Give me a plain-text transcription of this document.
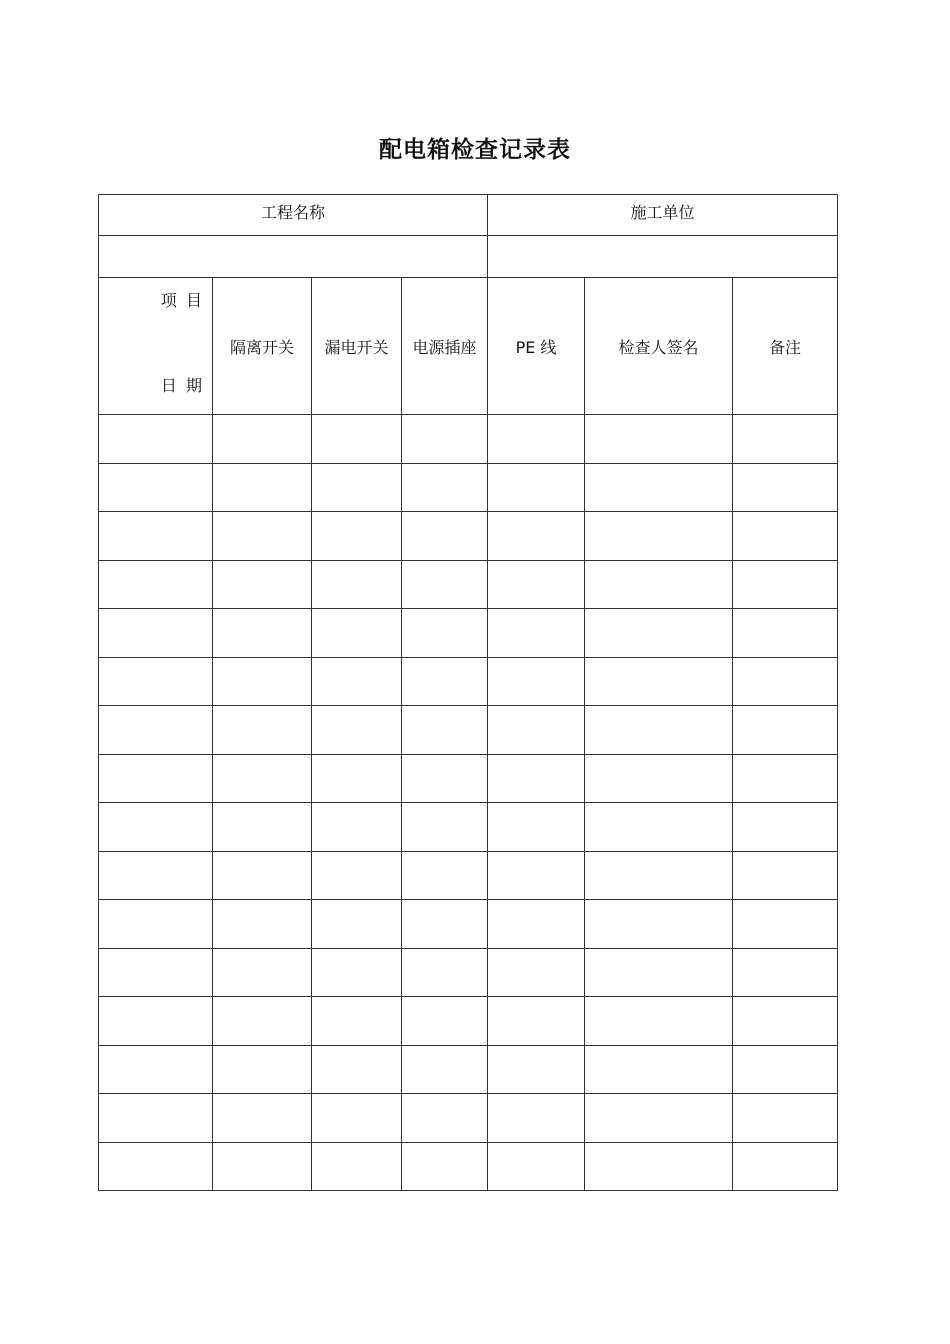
配电箱检查记录表
工程名称				施工单位		

项 目
日 期	隔离开关	漏电开关	电源插座	PE 线	检查人签名	备注
